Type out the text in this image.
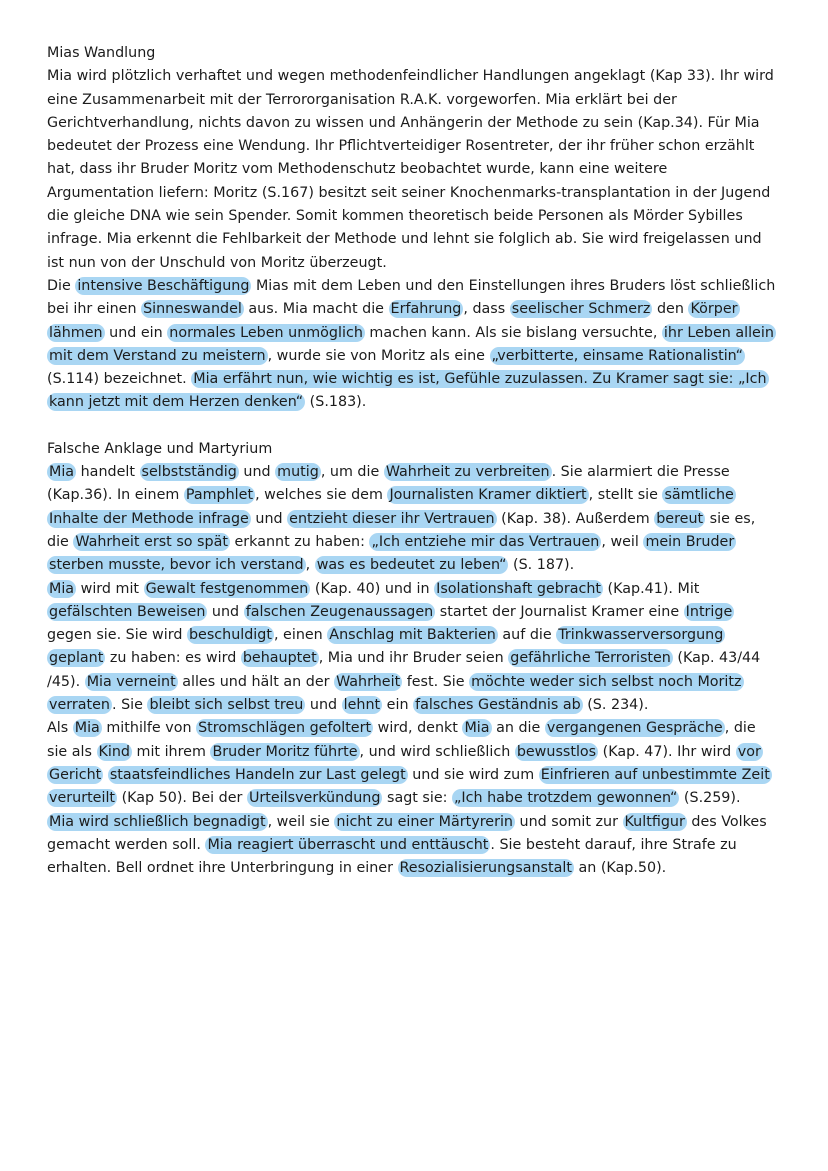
Mias Wandlung

Mia wird plötzlich verhaftet und wegen methodenfeindlicher Handlungen angeklagt (Kap 33). Ihr wird eine Zusammenarbeit mit der Terrororganisation R.A.K. vorgeworfen. Mia erklärt bei der Gerichtverhandlung, nichts davon zu wissen und Anhängerin der Methode zu sein (Kap.34). Für Mia bedeutet der Prozess eine Wendung. Ihr Pflichtverteidiger Rosentreter, der ihr früher schon erzählt hat, dass ihr Bruder Moritz vom Methodenschutz beobachtet wurde, kann eine weitere Argumentation liefern: Moritz (S.167) besitzt seit seiner Knochenmarks-transplantation in der Jugend die gleiche DNA wie sein Spender. Somit kommen theoretisch beide Personen als Mörder Sybilles infrage. Mia erkennt die Fehlbarkeit der Methode und lehnt sie folglich ab. Sie wird freigelassen und ist nun von der Unschuld von Moritz überzeugt.

Die intensive Beschäftigung Mias mit dem Leben und den Einstellungen ihres Bruders löst schließlich bei ihr einen Sinneswandel aus. Mia macht die Erfahrung , dass seelischer Schmerz den Körper lähmen und ein normales Leben unmöglich machen kann. Als sie bislang versuchte, ihr Leben allein mit dem Verstand zu meistern , wurde sie von Moritz als eine „verbitterte, einsame Rationalistin“ (S.114) bezeichnet. Mia erfährt nun, wie wichtig es ist, Gefühle zuzulassen. Zu Kramer sagt sie: „Ich kann jetzt mit dem Herzen denken“ (S.183).

Falsche Anklage und Martyrium

Mia handelt selbstständig und mutig , um die Wahrheit zu verbreiten . Sie alarmiert die Presse (Kap.36). In einem Pamphlet , welches sie dem Journalisten Kramer diktiert , stellt sie sämtliche Inhalte der Methode infrage und entzieht dieser ihr Vertrauen (Kap. 38). Außerdem bereut sie es, die Wahrheit erst so spät erkannt zu haben: „Ich entziehe mir das Vertrauen , weil mein Bruder sterben musste, bevor ich verstand , was es bedeutet zu leben“ (S. 187).

Mia wird mit Gewalt festgenommen (Kap. 40) und in Isolationshaft gebracht (Kap.41). Mit gefälschten Beweisen und falschen Zeugenaussagen startet der Journalist Kramer eine Intrige gegen sie. Sie wird beschuldigt , einen Anschlag mit Bakterien auf die Trinkwasserversorgung geplant zu haben: es wird behauptet , Mia und ihr Bruder seien gefährliche Terroristen (Kap. 43/44 /45). Mia verneint alles und hält an der Wahrheit fest. Sie möchte weder sich selbst noch Moritz verraten . Sie bleibt sich selbst treu und lehnt ein falsches Geständnis ab (S. 234).

Als Mia mithilfe von Stromschlägen gefoltert wird, denkt Mia an die vergangenen Gespräche , die sie als Kind mit ihrem Bruder Moritz führte , und wird schließlich bewusstlos (Kap. 47). Ihr wird vor Gericht staatsfeindliches Handeln zur Last gelegt und sie wird zum Einfrieren auf unbestimmte Zeit verurteilt (Kap 50). Bei der Urteilsverkündung sagt sie: „Ich habe trotzdem gewonnen“ (S.259).

Mia wird schließlich begnadigt , weil sie nicht zu einer Märtyrerin und somit zur Kultfigur des Volkes gemacht werden soll. Mia reagiert überrascht und enttäuscht . Sie besteht darauf, ihre Strafe zu erhalten. Bell ordnet ihre Unterbringung in einer Resozialisierungsanstalt an (Kap.50).
